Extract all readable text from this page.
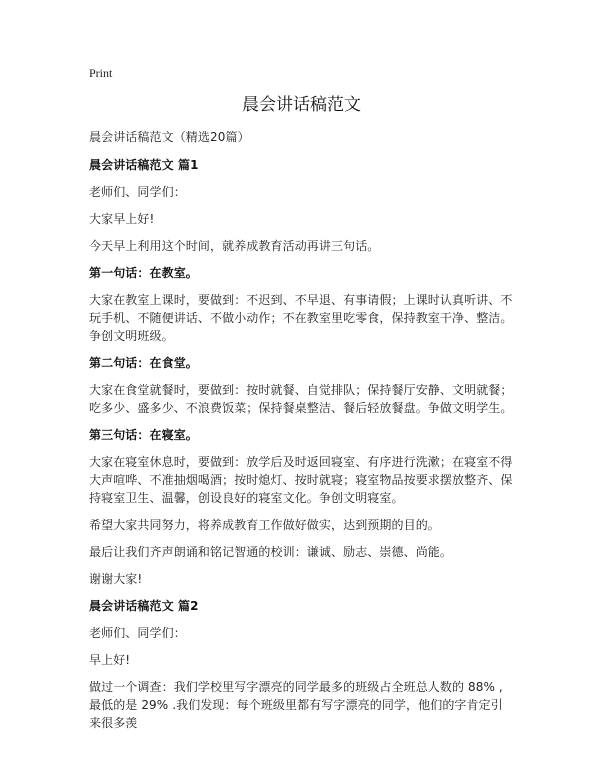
Print
晨会讲话稿范文
晨会讲话稿范文（精选20篇）
晨会讲话稿范文 篇1
老师们、同学们：
大家早上好!
今天早上利用这个时间，就养成教育活动再讲三句话。
第一句话：在教室。
大家在教室上课时，要做到：不迟到、不早退、有事请假；上课时认真听讲、不玩手机、不随便讲话、不做小动作；不在教室里吃零食，保持教室干净、整洁。争创文明班级。
第二句话：在食堂。
大家在食堂就餐时，要做到：按时就餐、自觉排队；保持餐厅安静、文明就餐；吃多少、盛多少、不浪费饭菜；保持餐桌整洁、餐后轻放餐盘。争做文明学生。
第三句话：在寝室。
大家在寝室休息时，要做到：放学后及时返回寝室、有序进行洗漱；在寝室不得大声喧哗、不准抽烟喝酒；按时熄灯、按时就寝；寝室物品按要求摆放整齐、保持寝室卫生、温馨，创设良好的寝室文化。争创文明寝室。
希望大家共同努力，将养成教育工作做好做实，达到预期的目的。
最后让我们齐声朗诵和铭记智通的校训：谦诚、励志、崇德、尚能。
谢谢大家!
晨会讲话稿范文 篇2
老师们、同学们：
早上好!
做过一个调查：我们学校里写字漂亮的同学最多的班级占全班总人数的 88% ,最低的是 29% .我们发现：每个班级里都有写字漂亮的同学，他们的字肯定引来很多羡
